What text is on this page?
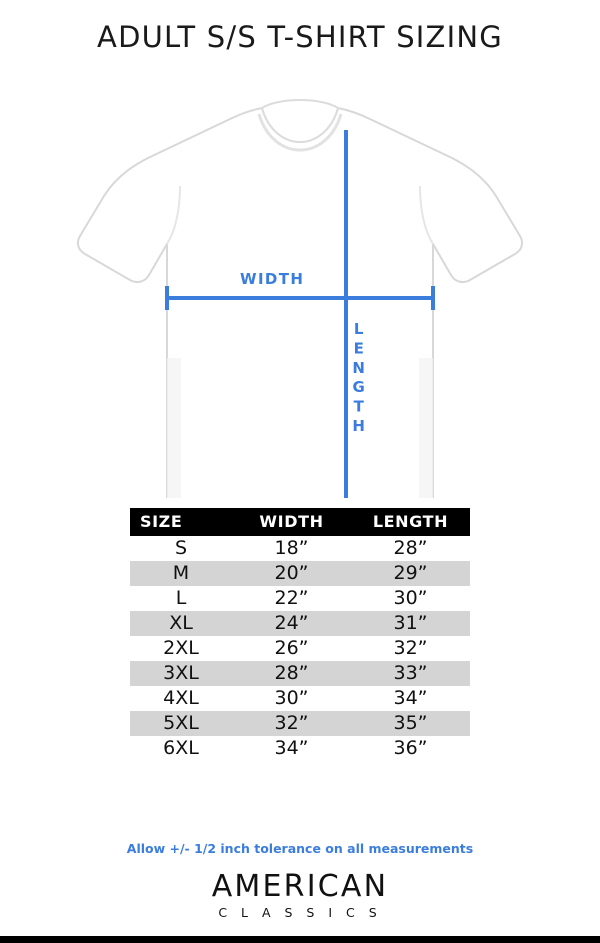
ADULT S/S T-SHIRT SIZING
WIDTH
LENGTH
SIZE	WIDTH	LENGTH
S	18”	28”
M	20”	29”
L	22”	30”
XL	24”	31”
2XL	26”	32”
3XL	28”	33”
4XL	30”	34”
5XL	32”	35”
6XL	34”	36”
Allow +/- 1/2 inch tolerance on all measurements
AMERICAN
C L A S S I C S
